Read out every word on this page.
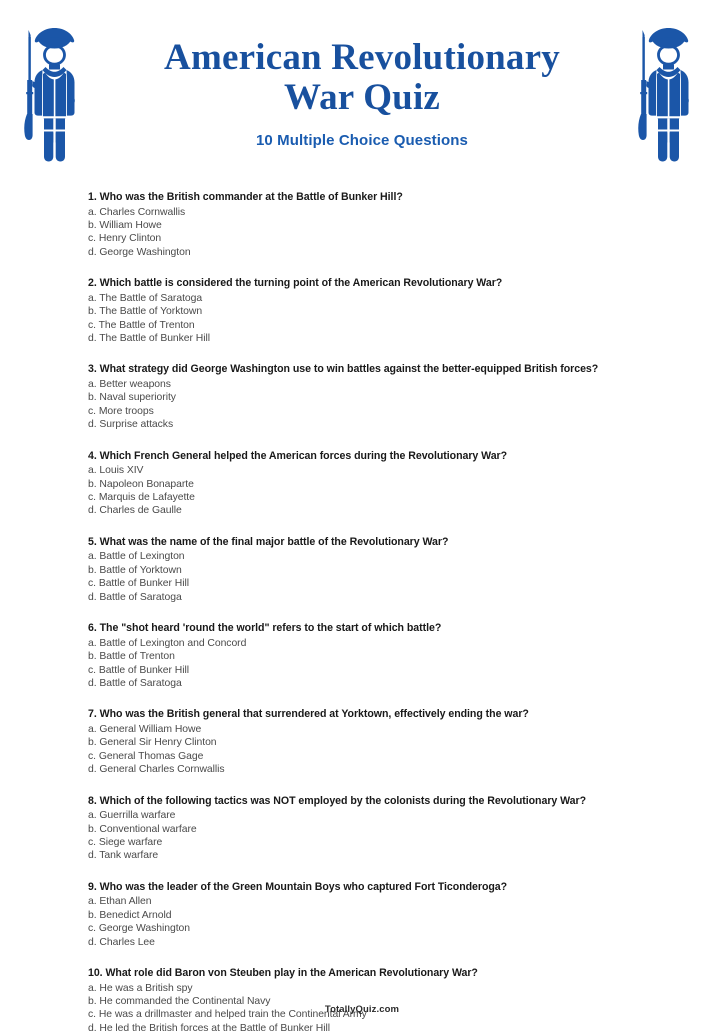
American Revolutionary
War Quiz

10 Multiple Choice Questions

1. Who was the British commander at the Battle of Bunker Hill?

a. Charles Cornwallis

b. William Howe

c. Henry Clinton

d. George Washington

2. Which battle is considered the turning point of the American Revolutionary War?

a. The Battle of Saratoga

b. The Battle of Yorktown

c. The Battle of Trenton

d. The Battle of Bunker Hill

3. What strategy did George Washington use to win battles against the better-equipped British forces?

a. Better weapons

b. Naval superiority

c. More troops

d. Surprise attacks

4. Which French General helped the American forces during the Revolutionary War?

a. Louis XIV

b. Napoleon Bonaparte

c. Marquis de Lafayette

d. Charles de Gaulle

5. What was the name of the final major battle of the Revolutionary War?

a. Battle of Lexington

b. Battle of Yorktown

c. Battle of Bunker Hill

d. Battle of Saratoga

6. The "shot heard 'round the world" refers to the start of which battle?

a. Battle of Lexington and Concord

b. Battle of Trenton

c. Battle of Bunker Hill

d. Battle of Saratoga

7. Who was the British general that surrendered at Yorktown, effectively ending the war?

a. General William Howe

b. General Sir Henry Clinton

c. General Thomas Gage

d. General Charles Cornwallis

8. Which of the following tactics was NOT employed by the colonists during the Revolutionary War?

a. Guerrilla warfare

b. Conventional warfare

c. Siege warfare

d. Tank warfare

9. Who was the leader of the Green Mountain Boys who captured Fort Ticonderoga?

a. Ethan Allen

b. Benedict Arnold

c. George Washington

d. Charles Lee

10. What role did Baron von Steuben play in the American Revolutionary War?

a. He was a British spy

b. He commanded the Continental Navy

c. He was a drillmaster and helped train the Continental Army

d. He led the British forces at the Battle of Bunker Hill

TotallyQuiz.com
